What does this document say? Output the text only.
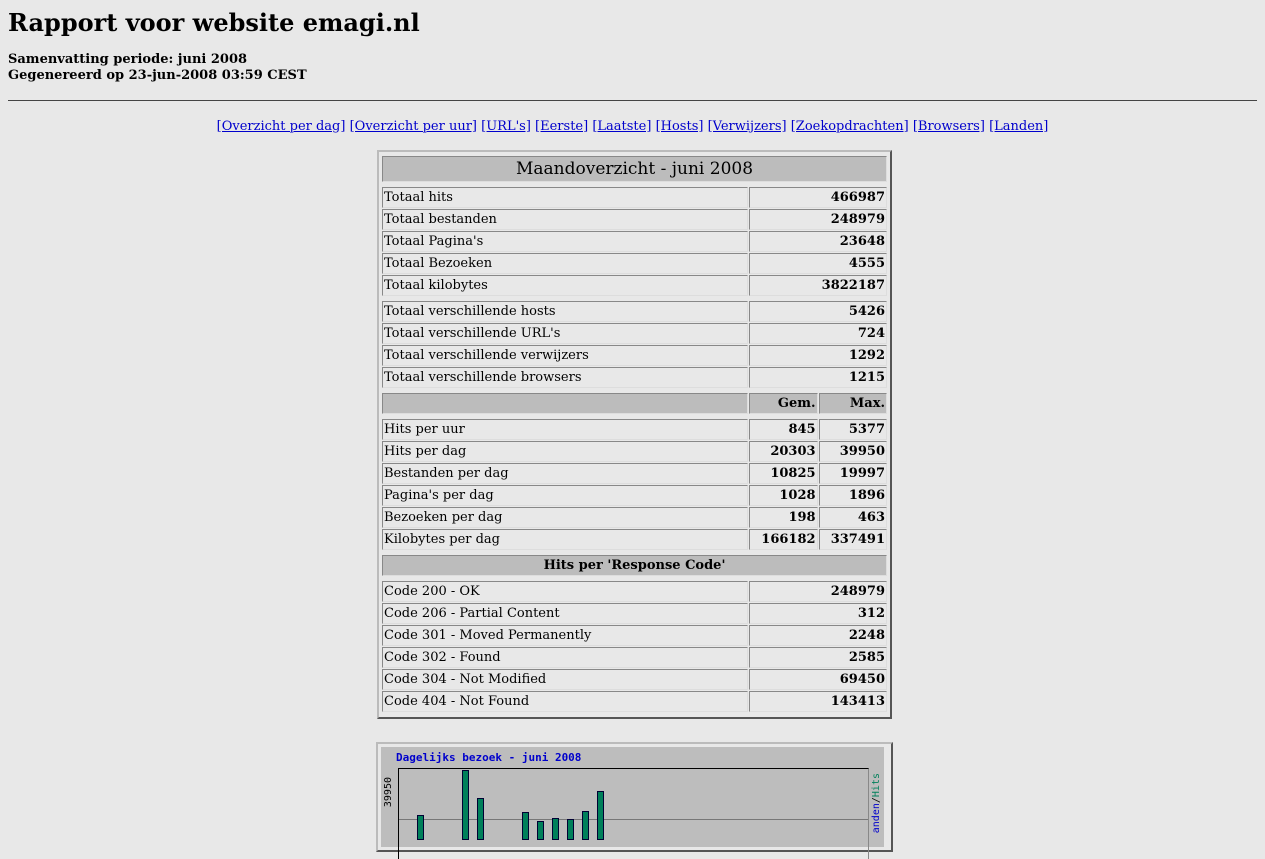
Rapport voor website emagi.nl
Samenvatting periode: juni 2008
Gegenereerd op 23-jun-2008 03:59 CEST
[Overzicht per dag] [Overzicht per uur] [URL's] [Eerste] [Laatste] [Hosts] [Verwijzers] [Zoekopdrachten] [Browsers] [Landen]
Maandoverzicht - juni 2008		

Totaal hits	466987	
Totaal bestanden	248979	
Totaal Pagina's	23648	
Totaal Bezoeken	4555	
Totaal kilobytes	3822187	

Totaal verschillende hosts	5426	
Totaal verschillende URL's	724	
Totaal verschillende verwijzers	1292	
Totaal verschillende browsers	1215	

	Gem.	Max.

Hits per uur	845	5377
Hits per dag	20303	39950
Bestanden per dag	10825	19997
Pagina's per dag	1028	1896
Bezoeken per dag	198	463
Kilobytes per dag	166182	337491

Hits per 'Response Code'		

Code 200 - OK	248979	
Code 206 - Partial Content	312	
Code 301 - Moved Permanently	2248	
Code 302 - Found	2585	
Code 304 - Not Modified	69450	
Code 404 - Not Found	143413	
Dagelijks bezoek - juni 2008
39950
anden/Hits
